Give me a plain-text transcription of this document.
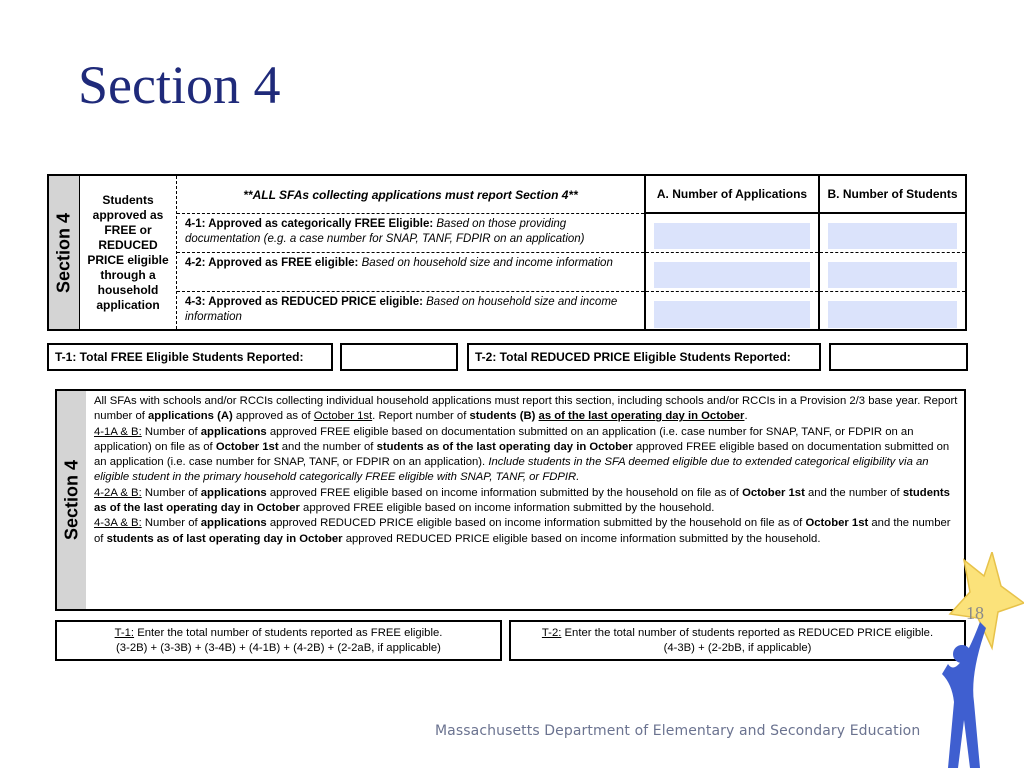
Section 4
Section 4
Students approved as FREE or REDUCED PRICE eligible through a household application
**ALL SFAs collecting applications must report Section 4**
4-1: Approved as categorically FREE Eligible: Based on those providing documentation (e.g. a case number for SNAP, TANF, FDPIR on an application)
4-2: Approved as FREE eligible: Based on household size and income information
4-3: Approved as REDUCED PRICE eligible: Based on household size and income information
A. Number of Applications	B. Number of Students
T-1: Total FREE Eligible Students Reported:	T-2: Total REDUCED PRICE Eligible Students Reported:
Section 4

All SFAs with schools and/or RCCIs collecting individual household applications must report this section, including schools and/or RCCIs in a Provision 2/3 base year. Report number of applications (A) approved as of October 1st. Report number of students (B) as of the last operating day in October.

4-1A & B: Number of applications approved FREE eligible based on documentation submitted on an application (i.e. case number for SNAP, TANF, or FDPIR on an application) on file as of October 1st and the number of students as of the last operating day in October approved FREE eligible based on documentation submitted on an application (i.e. case number for SNAP, TANF, or FDPIR on an application). Include students in the SFA deemed eligible due to extended categorical eligibility via an eligible student in the primary household categorically FREE eligible with SNAP, TANF, or FDPIR.

4-2A & B: Number of applications approved FREE eligible based on income information submitted by the household on file as of October 1st and the number of students as of the last operating day in October approved FREE eligible based on income information submitted by the household.

4-3A & B: Number of applications approved REDUCED PRICE eligible based on income information submitted by the household on file as of October 1st and the number of students as of last operating day in October approved REDUCED PRICE eligible based on income information submitted by the household.

T-1: Enter the total number of students reported as FREE eligible.
(3-2B) + (3-3B) + (3-4B) + (4-1B) + (4-2B) + (2-2aB, if applicable)
T-2: Enter the total number of students reported as REDUCED PRICE eligible.
(4-3B) + (2-2bB, if applicable)
18
Massachusetts Department of Elementary and Secondary Education
